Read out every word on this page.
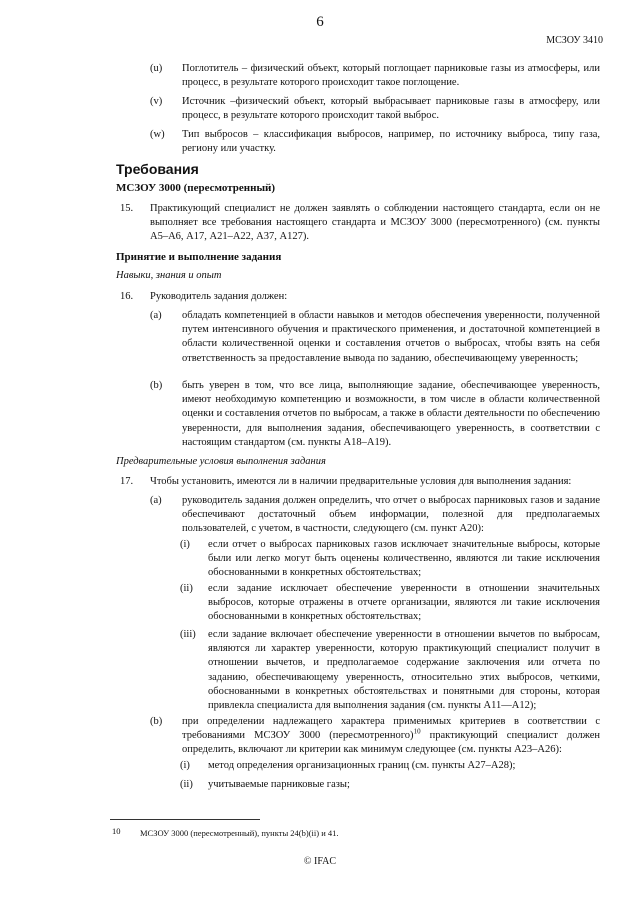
6
МСЗОУ 3410
(u) Поглотитель – физический объект, который поглощает парниковые газы из атмосферы, или процесс, в результате которого происходит такое поглощение.
(v) Источник –физический объект, который выбрасывает парниковые газы в атмосферу, или процесс, в результате которого происходит такой выброс.
(w) Тип выбросов – классификация выбросов, например, по источнику выброса, типу газа, региону или участку.
Требования
МСЗОУ 3000 (пересмотренный)
15. Практикующий специалист не должен заявлять о соблюдении настоящего стандарта, если он не выполняет все требования настоящего стандарта и МСЗОУ 3000 (пересмотренного) (см. пункты А5–А6, А17, А21–А22, А37, А127).
Принятие и выполнение задания
Навыки, знания и опыт
16. Руководитель задания должен:
(a) обладать компетенцией в области навыков и методов обеспечения уверенности, полученной путем интенсивного обучения и практического применения, и достаточной компетенцией в области количественной оценки и составления отчетов о выбросах, чтобы взять на себя ответственность за предоставление вывода по заданию, обеспечивающему уверенность;
(b) быть уверен в том, что все лица, выполняющие задание, обеспечивающее уверенность, имеют необходимую компетенцию и возможности, в том числе в области количественной оценки и составления отчетов по выбросам, а также в области деятельности по обеспечению уверенности, для выполнения задания, обеспечивающего уверенность, в соответствии с настоящим стандартом (см. пункты А18–А19).
Предварительные условия выполнения задания
17. Чтобы установить, имеются ли в наличии предварительные условия для выполнения задания:
(a) руководитель задания должен определить, что отчет о выбросах парниковых газов и задание обеспечивают достаточный объем информации, полезной для предполагаемых пользователей, с учетом, в частности, следующего (см. пункт А20):
(i) если отчет о выбросах парниковых газов исключает значительные выбросы, которые были или легко могут быть оценены количественно, являются ли такие исключения обоснованными в конкретных обстоятельствах;
(ii) если задание исключает обеспечение уверенности в отношении значительных выбросов, которые отражены в отчете организации, являются ли такие исключения обоснованными в конкретных обстоятельствах;
(iii) если задание включает обеспечение уверенности в отношении вычетов по выбросам, являются ли характер уверенности, которую практикующий специалист получит в отношении вычетов, и предполагаемое содержание заключения или отчета по заданию, обеспечивающему уверенность, относительно этих выбросов, четкими, обоснованными в конкретных обстоятельствах и понятными для стороны, которая привлекла специалиста для выполнения задания (см. пункты А11—А12);
(b) при определении надлежащего характера применимых критериев в соответствии с требованиями МСЗОУ 3000 (пересмотренного)$^{10}$ практикующий специалист должен определить, включают ли критерии как минимум следующее (см. пункты А23–А26):
(i) метод определения организационных границ (см. пункты А27–А28);
(ii) учитываемые парниковые газы;
10 МСЗОУ 3000 (пересмотренный), пункты 24(b)(ii) и 41.
© IFAC
